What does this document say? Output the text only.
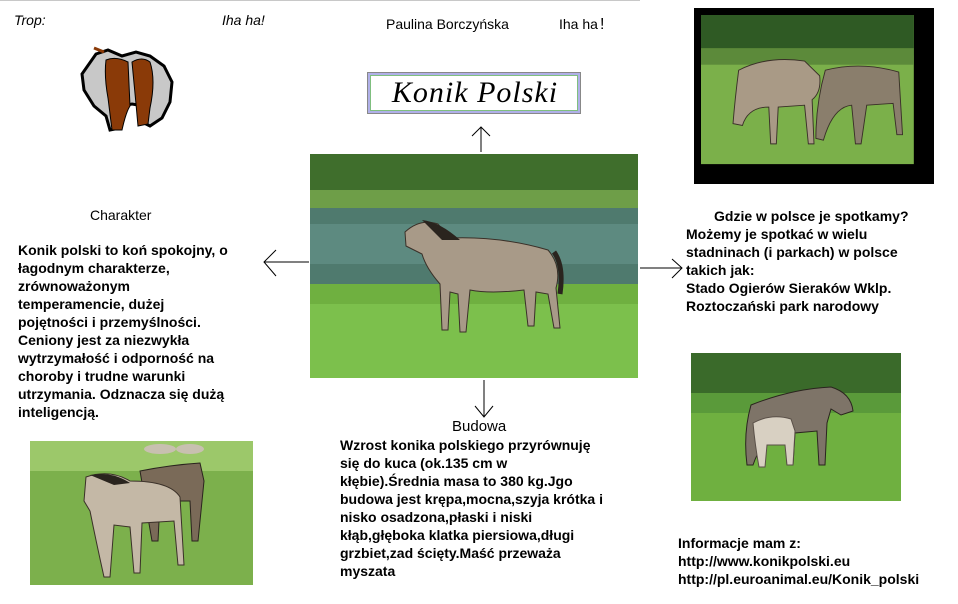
Trop:	Iha ha!	Paulina Borczyńska	Iha ha !
Konik Polski
Charakter
Konik polski to koń spokojny, o
łagodnym charakterze,
zrównoważonym
temperamencie, dużej
pojętności i przemyślności.
Ceniony jest za niezwykła
wytrzymałość i odporność na
choroby i trudne warunki
utrzymania. Odznacza się dużą
inteligencją.
Gdzie w polsce je spotkamy?
Możemy je spotkać w wielu
stadninach (i parkach) w polsce
takich jak:
Stado Ogierów Sieraków Wklp.
Roztoczański park narodowy
Budowa
Wzrost konika polskiego przyrównuję
się do kuca (ok.135 cm w
kłębie).Średnia masa to 380 kg.Jgo
budowa jest krępa,mocna,szyja krótka i
nisko osadzona,płaski i niski
kłąb,głęboka klatka piersiowa,długi
grzbiet,zad ścięty.Maść przeważa
myszata
Informacje mam z:
http://www.konikpolski.eu
http://pl.euroanimal.eu/Konik_polski
